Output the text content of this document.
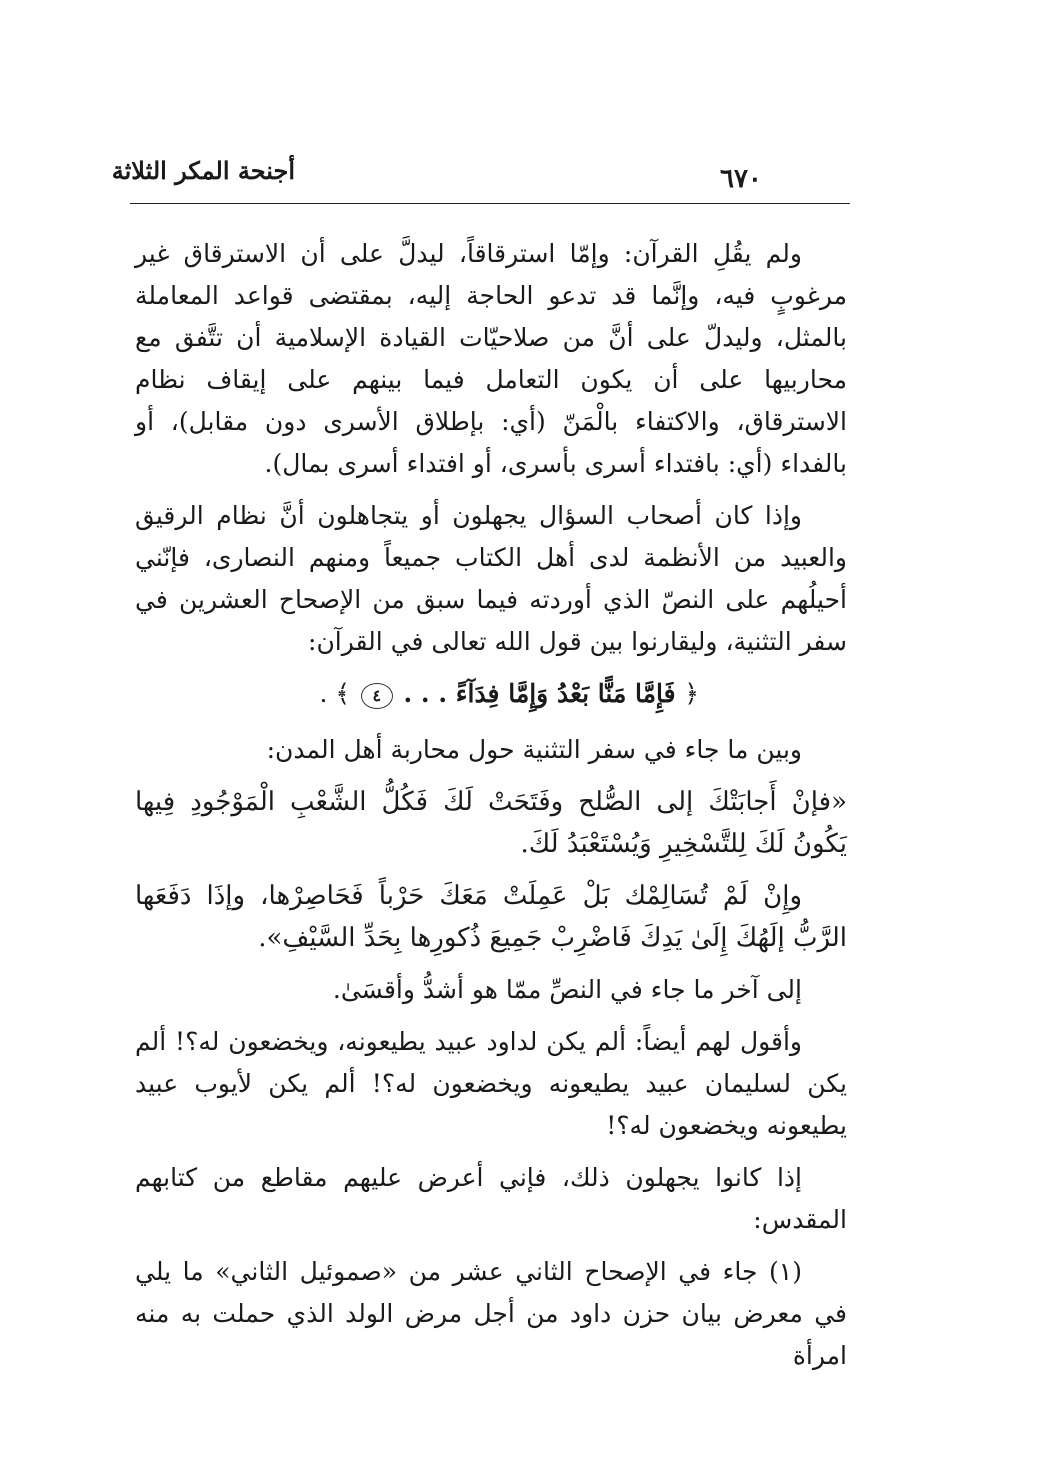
أجنحة المكر الثلاثة	٦٧٠

ولم يقُلِ القرآن: وإمّا استرقاقاً، ليدلَّ على أن الاسترقاق غير مرغوبٍ فيه، وإنَّما قد تدعو الحاجة إليه، بمقتضى قواعد المعاملة بالمثل، وليدلّ على أنَّ من صلاحيّات القيادة الإسلامية أن تتَّفق مع محاربيها على أن يكون التعامل فيما بينهم على إيقاف نظام الاسترقاق، والاكتفاء بالْمَنّ (أي: بإطلاق الأسرى دون مقابل)، أو بالفداء (أي: بافتداء أسرى بأسرى، أو افتداء أسرى بمال).

وإذا كان أصحاب السؤال يجهلون أو يتجاهلون أنَّ نظام الرقيق والعبيد من الأنظمة لدى أهل الكتاب جميعاً ومنهم النصارى، فإنّني أحيلُهم على النصّ الذي أوردته فيما سبق من الإصحاح العشرين في سفر التثنية، وليقارنوا بين قول الله تعالى في القرآن:

﴿ فَإِمَّا مَنًّا بَعْدُ وَإِمَّا فِدَآءً . . . ٤ ﴾ .

وبين ما جاء في سفر التثنية حول محاربة أهل المدن:

«فإنْ أَجابَتْكَ إلى الصُّلح وفَتَحَتْ لَكَ فَكُلُّ الشَّعْبِ الْمَوْجُودِ فِيها يَكُونُ لَكَ لِلتَّسْخِيرِ وَيُسْتَعْبَدُ لَكَ.

وإِنْ لَمْ تُسَالِمْك بَلْ عَمِلَتْ مَعَكَ حَرْباً فَحَاصِرْها، وإذَا دَفَعَها الرَّبُّ إلَهُكَ إِلَىٰ يَدِكَ فَاضْرِبْ جَمِيعَ ذُكورِها بِحَدِّ السَّيْفِ».

إلى آخر ما جاء في النصِّ ممّا هو أشدُّ وأقسَىٰ.

وأقول لهم أيضاً: ألم يكن لداود عبيد يطيعونه، ويخضعون له؟! ألم يكن لسليمان عبيد يطيعونه ويخضعون له؟! ألم يكن لأيوب عبيد يطيعونه ويخضعون له؟!

إذا كانوا يجهلون ذلك، فإني أعرض عليهم مقاطع من كتابهم المقدس:

(١) جاء في الإصحاح الثاني عشر من «صموئيل الثاني» ما يلي في معرض بيان حزن داود من أجل مرض الولد الذي حملت به منه امرأة
